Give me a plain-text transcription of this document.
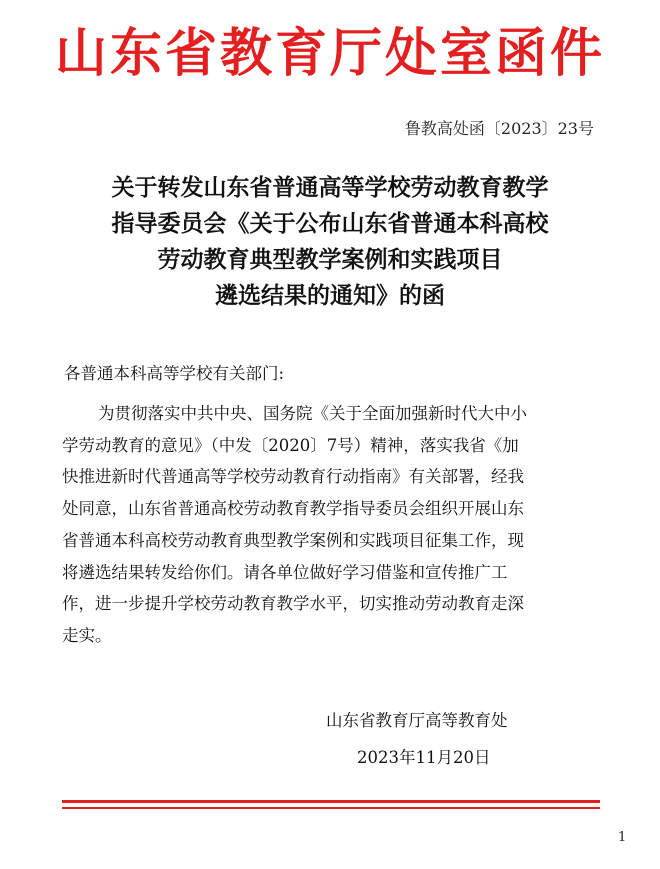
山东省教育厅处室函件
鲁教高处函〔2023〕23号
关于转发山东省普通高等学校劳动教育教学
指导委员会《关于公布山东省普通本科高校
劳动教育典型教学案例和实践项目
遴选结果的通知》的函
各普通本科高等学校有关部门:
为贯彻落实中共中央、国务院《关于全面加强新时代大中小
学劳动教育的意见》（中发〔2020〕7号）精神，落实我省《加
快推进新时代普通高等学校劳动教育行动指南》有关部署，经我
处同意，山东省普通高校劳动教育教学指导委员会组织开展山东
省普通本科高校劳动教育典型教学案例和实践项目征集工作，现
将遴选结果转发给你们。请各单位做好学习借鉴和宣传推广工
作，进一步提升学校劳动教育教学水平，切实推动劳动教育走深
走实。
山东省教育厅高等教育处
2023年11月20日
1
